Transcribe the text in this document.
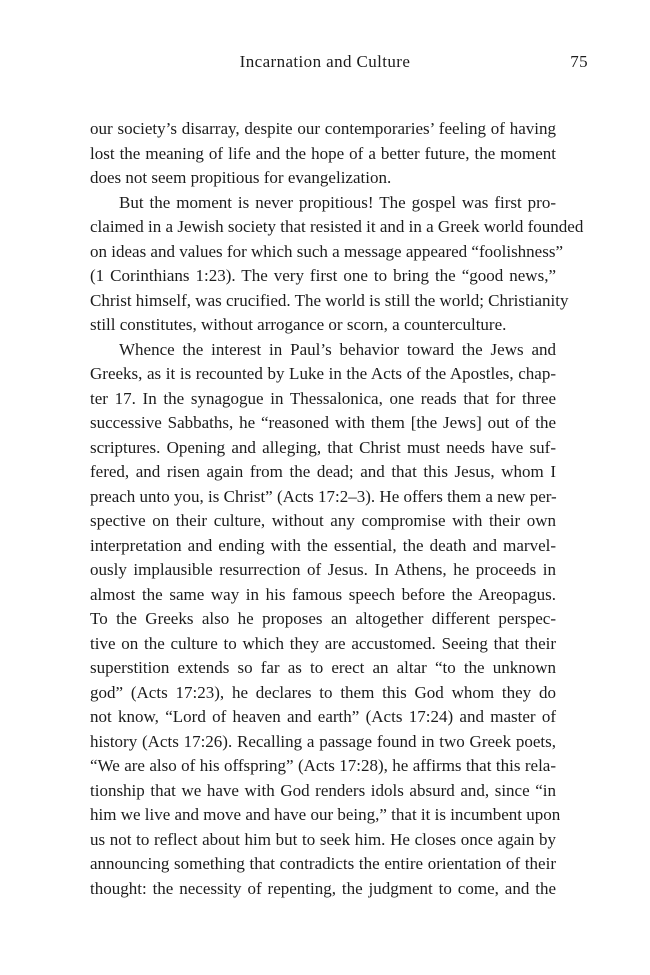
Incarnation and Culture	75
our society’s disarray, despite our contemporaries’ feeling of having
lost the meaning of life and the hope of a better future, the moment
does not seem propitious for evangelization.
But the moment is never propitious! The gospel was first pro-
claimed in a Jewish society that resisted it and in a Greek world founded
on ideas and values for which such a message appeared “foolishness”
(1 Corinthians 1:23). The very first one to bring the “good news,”
Christ himself, was crucified. The world is still the world; Christianity
still constitutes, without arrogance or scorn, a counterculture.
Whence the interest in Paul’s behavior toward the Jews and
Greeks, as it is recounted by Luke in the Acts of the Apostles, chap-
ter 17. In the synagogue in Thessalonica, one reads that for three
successive Sabbaths, he “reasoned with them [the Jews] out of the
scriptures. Opening and alleging, that Christ must needs have suf-
fered, and risen again from the dead; and that this Jesus, whom I
preach unto you, is Christ” (Acts 17:2–3). He offers them a new per-
spective on their culture, without any compromise with their own
interpretation and ending with the essential, the death and marvel-
ously implausible resurrection of Jesus. In Athens, he proceeds in
almost the same way in his famous speech before the Areopagus.
To the Greeks also he proposes an altogether different perspec-
tive on the culture to which they are accustomed. Seeing that their
superstition extends so far as to erect an altar “to the unknown
god” (Acts 17:23), he declares to them this God whom they do
not know, “Lord of heaven and earth” (Acts 17:24) and master of
history (Acts 17:26). Recalling a passage found in two Greek poets,
“We are also of his offspring” (Acts 17:28), he affirms that this rela-
tionship that we have with God renders idols absurd and, since “in
him we live and move and have our being,” that it is incumbent upon
us not to reflect about him but to seek him. He closes once again by
announcing something that contradicts the entire orientation of their
thought: the necessity of repenting, the judgment to come, and the
